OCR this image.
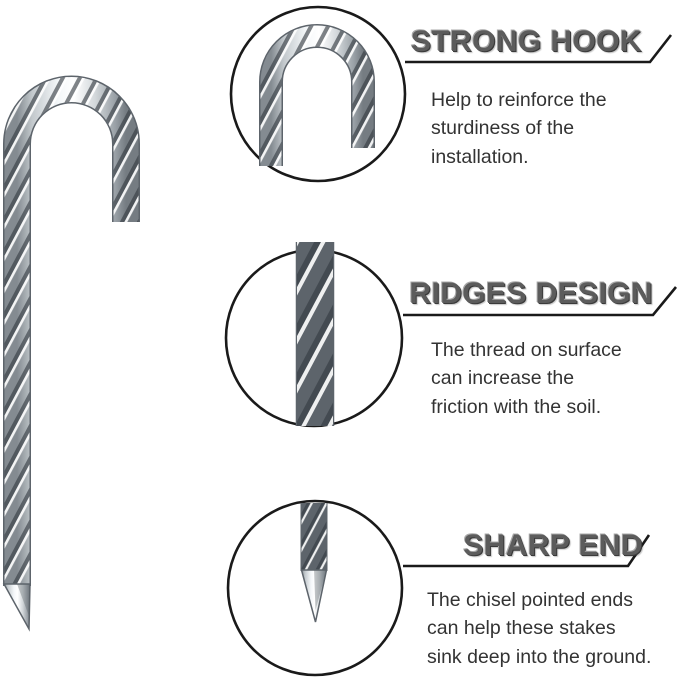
STRONG HOOK
Help to reinforce the
sturdiness of the
installation.
RIDGES DESIGN
The thread on surface
can increase the
friction with the soil.
SHARP END
The chisel pointed ends
can help these stakes
sink deep into the ground.
